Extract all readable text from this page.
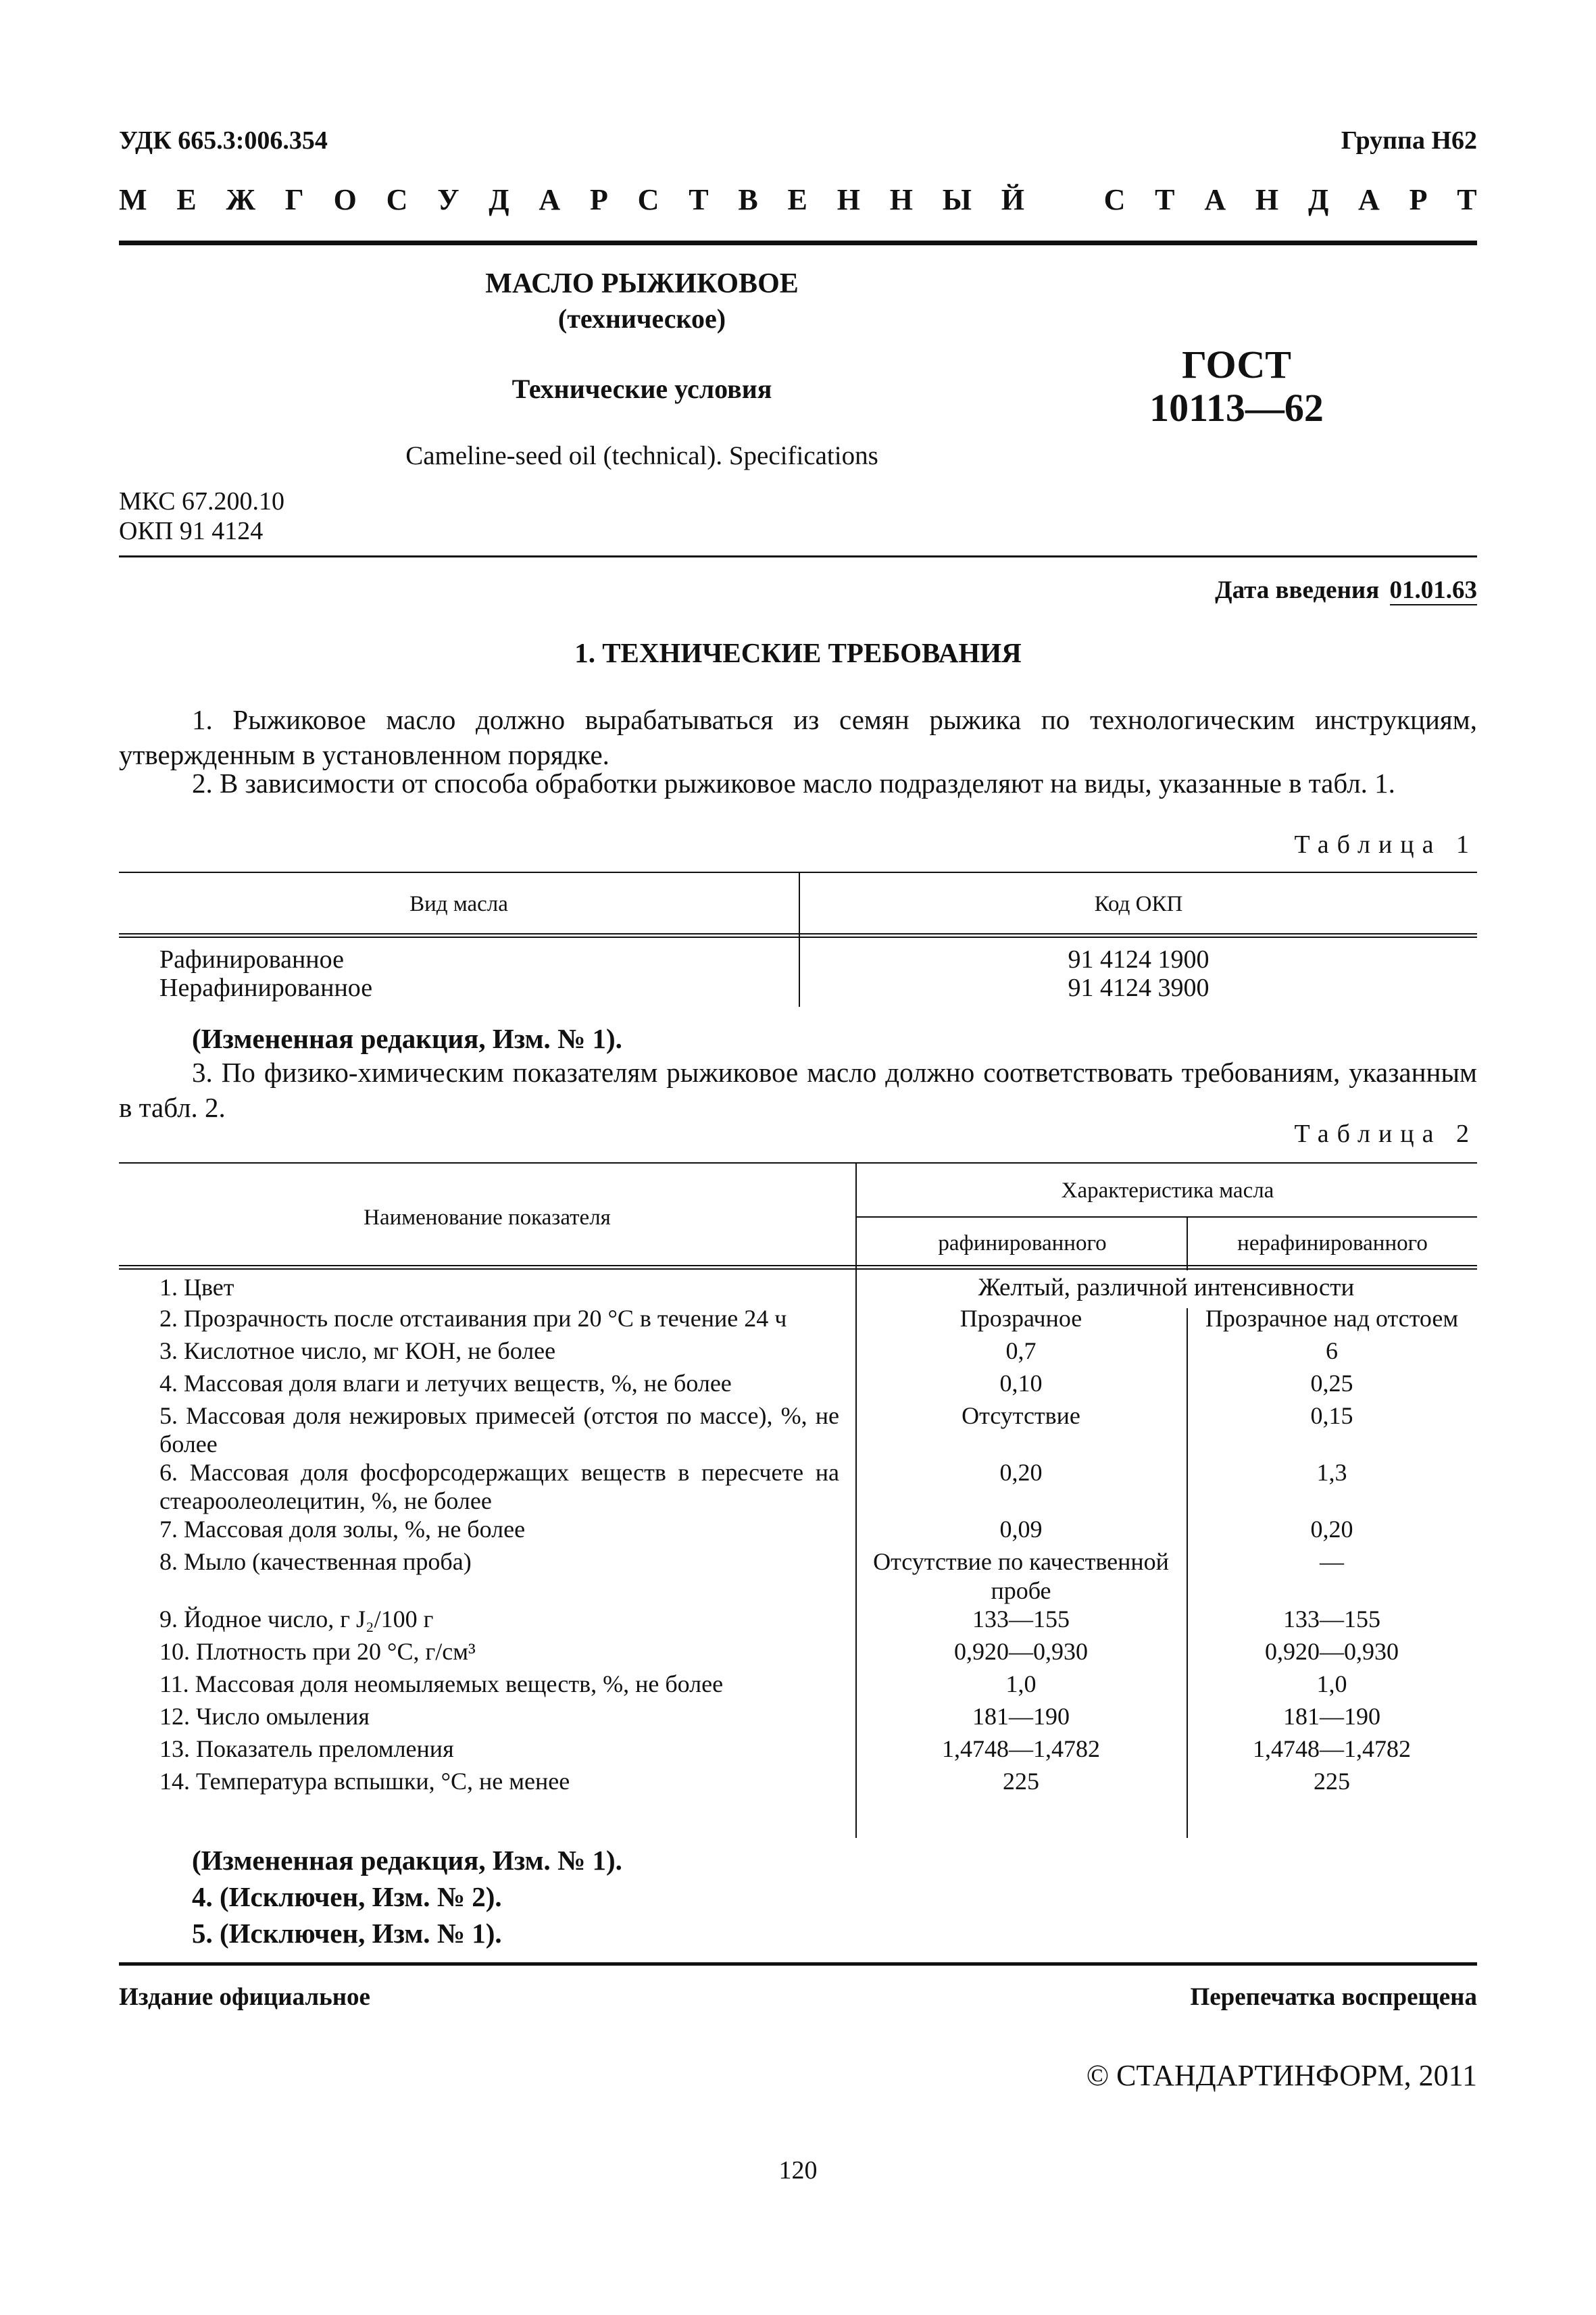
УДК 665.3:006.354	Группа Н62
М Е Ж Г О С У Д А Р С Т В Е Н Н Ы Й	С Т А Н Д А Р Т
МАСЛО РЫЖИКОВОЕ
(техническое)
Технические условия
Cameline-seed oil (technical). Specifications
ГОСТ
10113—62
МКС 67.200.10
ОКП 91 4124
Дата введения 01.01.63
1. ТЕХНИЧЕСКИЕ ТРЕБОВАНИЯ
1. Рыжиковое масло должно вырабатываться из семян рыжика по технологическим инструкциям, утвержденным в установленном порядке.
2. В зависимости от способа обработки рыжиковое масло подразделяют на виды, указанные в табл. 1.
Таблица 1
Вид масла	Код ОКП
Рафинированное	91 4124 1900
Нерафинированное	91 4124 3900
(Измененная редакция, Изм. № 1).
3. По физико-химическим показателям рыжиковое масло должно соответствовать требованиям, указанным в табл. 2.
Таблица 2
Наименование показателя
Характеристика масла
рафинированного	нерафинированного
1. Цвет	Желтый, различной интенсивности	
2. Прозрачность после отстаивания при 20 °С в течение 24 ч	Прозрачное	Прозрачное над отстоем
3. Кислотное число, мг КОН, не более	0,7	6
4. Массовая доля влаги и летучих веществ, %, не более	0,10	0,25
5. Массовая доля нежировых примесей (отстоя по массе), %, не более	Отсутствие	0,15
6. Массовая доля фосфорсодержащих веществ в пересчете на стеароолеолецитин, %, не более	0,20	1,3
7. Массовая доля золы, %, не более	0,09	0,20
8. Мыло (качественная проба)	Отсутствие по качественной пробе	—
9. Йодное число, г J₂/100 г	133—155	133—155
10. Плотность при 20 °С, г/см³	0,920—0,930	0,920—0,930
11. Массовая доля неомыляемых веществ, %, не более	1,0	1,0
12. Число омыления	181—190	181—190
13. Показатель преломления	1,4748—1,4782	1,4748—1,4782
14. Температура вспышки, °С, не менее	225	225
(Измененная редакция, Изм. № 1).
4. (Исключен, Изм. № 2).
5. (Исключен, Изм. № 1).
Издание официальное	Перепечатка воспрещена
© СТАНДАРТИНФОРМ, 2011
120
